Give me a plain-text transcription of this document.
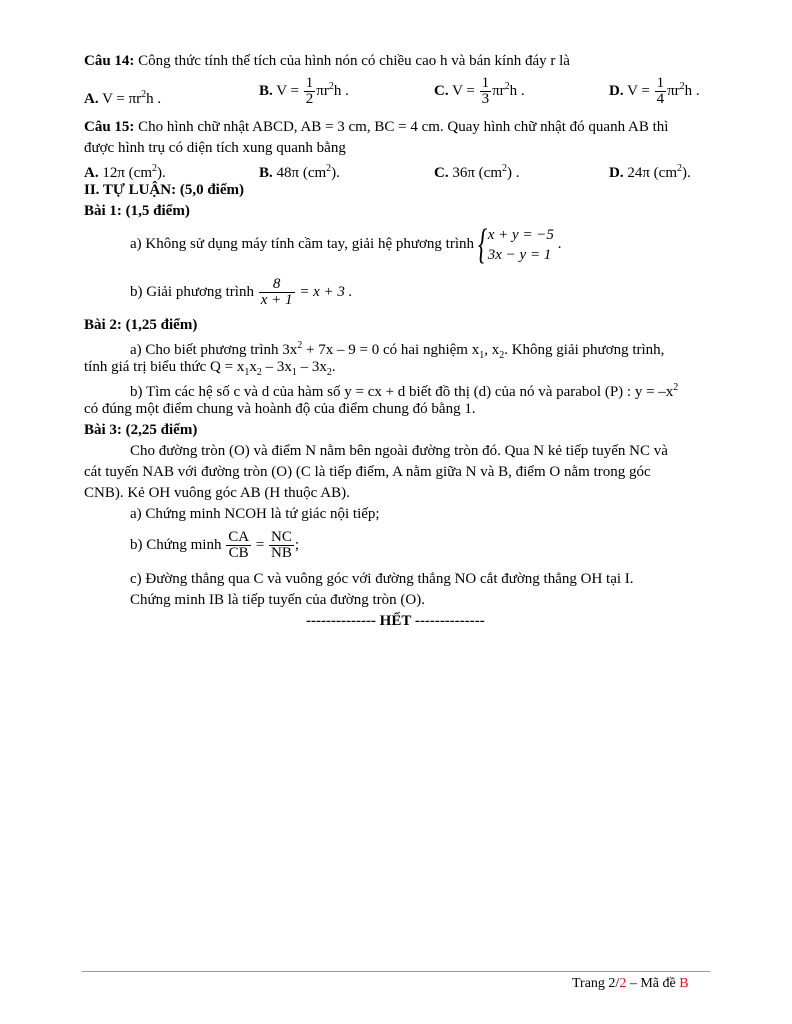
Câu 14: Công thức tính thể tích của hình nón có chiều cao h và bán kính đáy r là
A. $V = \pi r^2h$ .
B. $V = \frac{1}{2} \pi r^2h$ .	C. $V = \frac{1}{3} \pi r^2h$ .	D. $V = \frac{1}{4} \pi r^2h$ .
Câu 15: Cho hình chữ nhật ABCD, AB = 3 cm, BC = 4 cm. Quay hình chữ nhật đó quanh AB thì
được hình trụ có diện tích xung quanh bằng
A. 12π $(cm^2)$.	B. 48π $(cm^2)$.	C. 36π $(cm^2)$ .	D. 24π $(cm^2)$.
II. TỰ LUẬN: (5,0 điểm)
Bài 1: (1,5 điểm)
a) Không sử dụng máy tính cầm tay, giải hệ phương trình { x + y = −5
3x − y = 1
.
b) Giải phương trình $\frac{8}{x + 1} = x + 3$ .
Bài 2: (1,25 điểm)
a) Cho biết phương trình $3x^2 + 7x - 9 = 0$ có hai nghiệm $x_1$, $x_2$. Không giải phương trình,
tính giá trị biểu thức $Q = x_1x_2 - 3x_1 - 3x_2$.
b) Tìm các hệ số c và d của hàm số y = cx + d biết đồ thị (d) của nó và parabol (P) : $y = -x^2$
có đúng một điểm chung và hoành độ của điểm chung đó bằng 1.
Bài 3: (2,25 điểm)
Cho đường tròn (O) và điểm N nằm bên ngoài đường tròn đó. Qua N kẻ tiếp tuyến NC và
cát tuyến NAB với đường tròn (O) (C là tiếp điểm, A nằm giữa N và B, điểm O nằm trong góc
CNB). Kẻ OH vuông góc AB (H thuộc AB).
a) Chứng minh NCOH là tứ giác nội tiếp;
b) Chứng minh $\frac{CA}{CB} = \frac{NC}{NB}$ ;
c) Đường thẳng qua C và vuông góc với đường thẳng NO cắt đường thẳng OH tại I.
Chứng minh IB là tiếp tuyến của đường tròn (O).
-------------- HẾT --------------
Trang 2/2 – Mã đề B
